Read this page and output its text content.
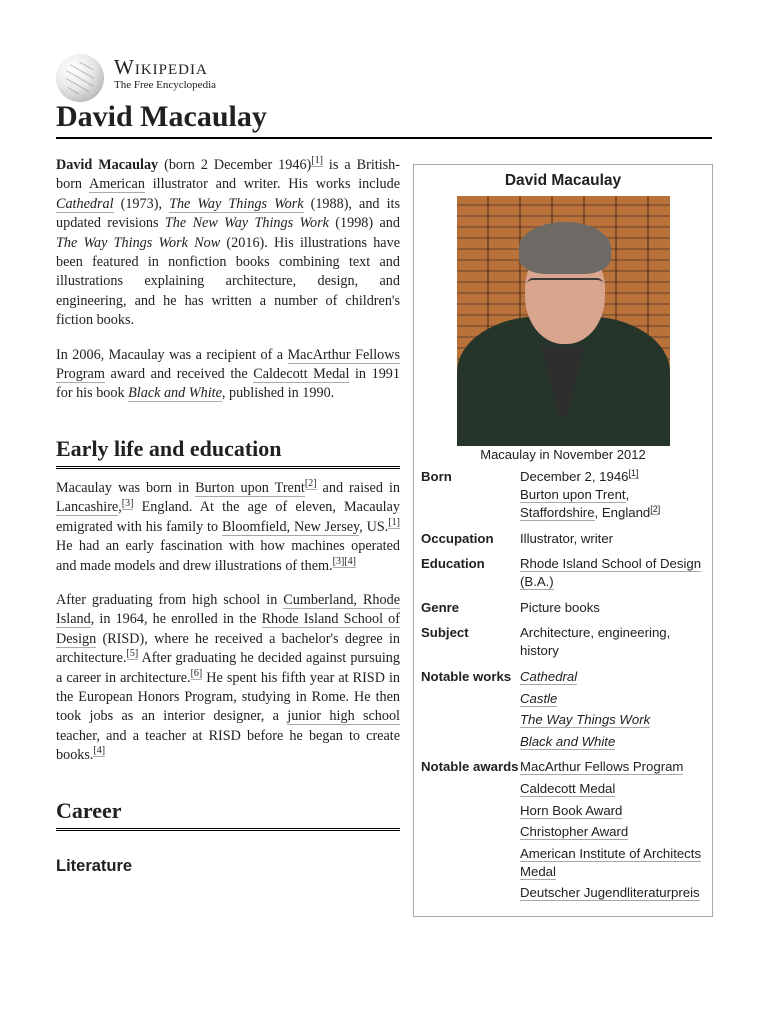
Wikipedia
The Free Encyclopedia
David Macaulay

David Macaulay (born 2 December 1946)[1] is a British-born American illustrator and writer. His works include Cathedral (1973), The Way Things Work (1988), and its updated revisions The New Way Things Work (1998) and The Way Things Work Now (2016). His illustrations have been featured in nonfiction books combining text and illustrations explaining architecture, design, and engineering, and he has written a number of children's fiction books.

In 2006, Macaulay was a recipient of a MacArthur Fellows Program award and received the Caldecott Medal in 1991 for his book Black and White, published in 1990.

Early life and education

Macaulay was born in Burton upon Trent[2] and raised in Lancashire,[3] England. At the age of eleven, Macaulay emigrated with his family to Bloomfield, New Jersey, US.[1] He had an early fascination with how machines operated and made models and drew illustrations of them.[3][4]

After graduating from high school in Cumberland, Rhode Island, in 1964, he enrolled in the Rhode Island School of Design (RISD), where he received a bachelor's degree in architecture.[5] After graduating he decided against pursuing a career in architecture.[6] He spent his fifth year at RISD in the European Honors Program, studying in Rome. He then took jobs as an interior designer, a junior high school teacher, and a teacher at RISD before he began to create books.[4]

Career
Literature
David Macaulay
Macaulay in November 2012
Born	December 2, 1946[1]
Burton upon Trent,
Staffordshire, England[2]
Occupation	Illustrator, writer
Education	Rhode Island School of Design (B.A.)
Genre	Picture books
Subject	Architecture, engineering, history
Notable works Cathedral
Castle
The Way Things Work
Black and White
Notable awards MacArthur Fellows Program
Caldecott Medal
Horn Book Award
Christopher Award
American Institute of Architects Medal
Deutscher Jugendliteraturpreis
